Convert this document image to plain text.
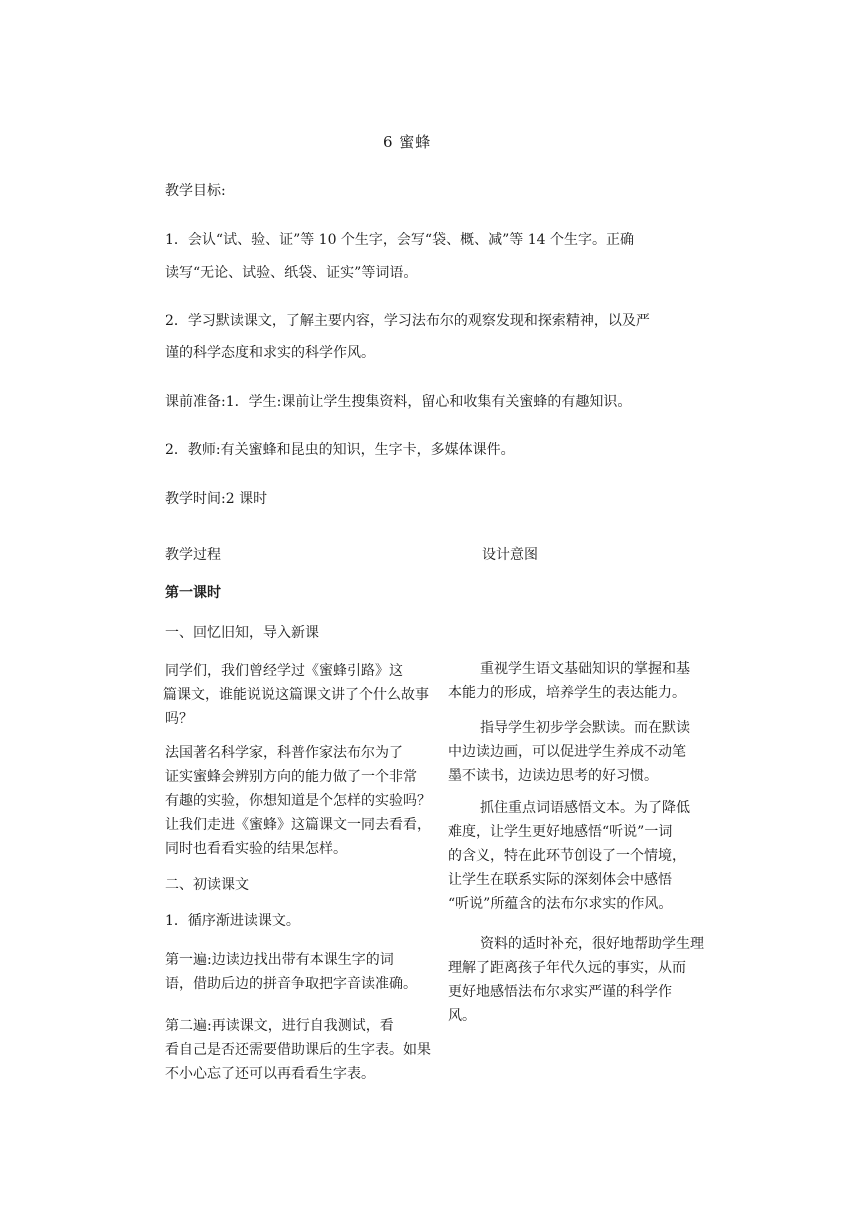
6 蜜蜂
教学目标:
1．会认“试、验、证”等 10 个生字，会写“袋、概、减”等 14 个生字。正确
读写“无论、试验、纸袋、证实”等词语。
2．学习默读课文，了解主要内容，学习法布尔的观察发现和探索精神，以及严
谨的科学态度和求实的科学作风。
课前准备:1．学生:课前让学生搜集资料，留心和收集有关蜜蜂的有趣知识。
2．教师:有关蜜蜂和昆虫的知识，生字卡，多媒体课件。
教学时间:2 课时
教学过程	设计意图
第一课时
一、回忆旧知，导入新课
同学们，我们曾经学过《蜜蜂引路》这
篇课文，谁能说说这篇课文讲了个什么故事
吗？
法国著名科学家，科普作家法布尔为了
证实蜜蜂会辨别方向的能力做了一个非常
有趣的实验，你想知道是个怎样的实验吗？
让我们走进《蜜蜂》这篇课文一同去看看，
同时也看看实验的结果怎样。
二、初读课文
1．循序渐进读课文。
第一遍:边读边找出带有本课生字的词
语，借助后边的拼音争取把字音读准确。
第二遍:再读课文，进行自我测试，看
看自己是否还需要借助课后的生字表。如果
不小心忘了还可以再看看生字表。
重视学生语文基础知识的掌握和基
本能力的形成，培养学生的表达能力。
指导学生初步学会默读。而在默读
中边读边画，可以促进学生养成不动笔
墨不读书，边读边思考的好习惯。
抓住重点词语感悟文本。为了降低
难度，让学生更好地感悟“听说”一词
的含义，特在此环节创设了一个情境，
让学生在联系实际的深刻体会中感悟
“听说”所蕴含的法布尔求实的作风。
资料的适时补充，很好地帮助学生理
理解了距离孩子年代久远的事实，从而
更好地感悟法布尔求实严谨的科学作
风。
